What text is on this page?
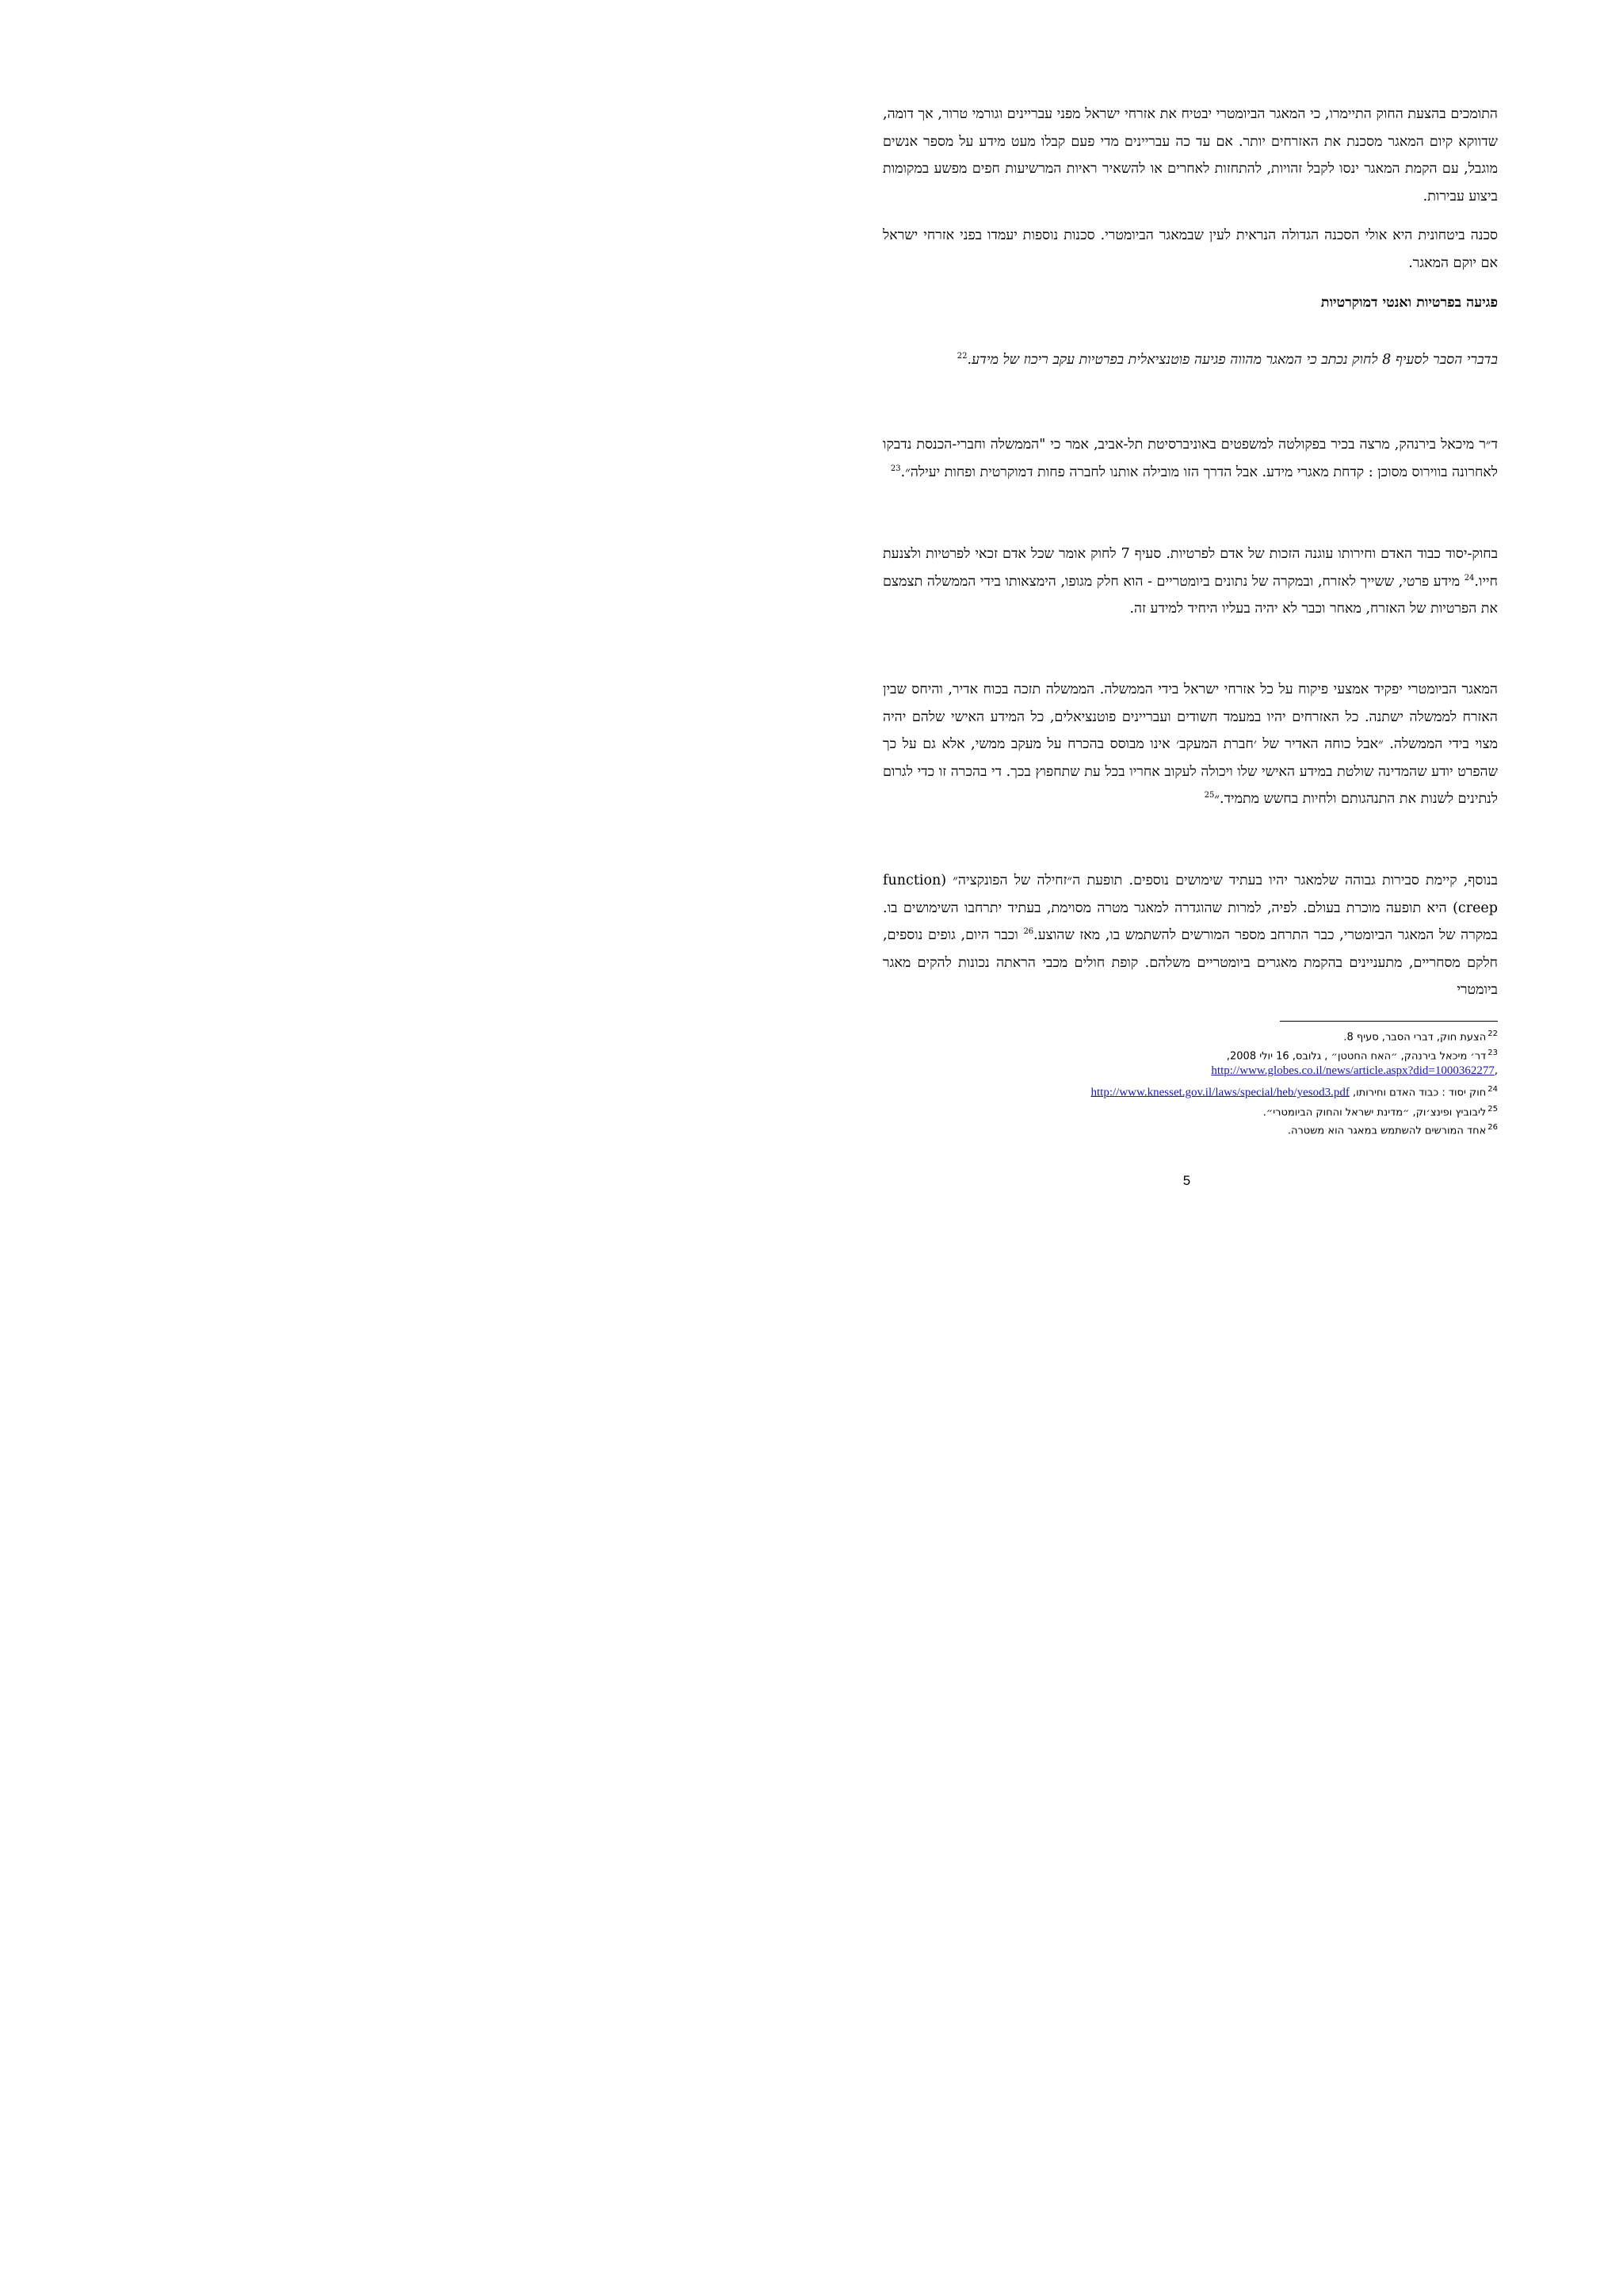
התומכים בהצעת החוק התיימרו, כי המאגר הביומטרי יבטיח את אזרחי ישראל מפני עבריינים וגורמי טרור, אך דומה, שדווקא קיום המאגר מסכנת את האזרחים יותר. אם עד כה עבריינים מדי פעם קבלו מעט מידע על מספר אנשים מוגבל, עם הקמת המאגר ינסו לקבל זהויות, להתחזות לאחרים או להשאיר ראיות המרשיעות חפים מפשע במקומות ביצוע עבירות.

סכנה ביטחונית היא אולי הסכנה הגדולה הנראית לעין שבמאגר הביומטרי. סכנות נוספות יעמדו בפני אזרחי ישראל אם יוקם המאגר.

פגיעה בפרטיות ואנטי דמוקרטיות

בדברי הסבר לסעיף 8 לחוק נכתב כי המאגר מהווה פגיעה פוטנציאלית בפרטיות עקב ריכוז של מידע.$^{22}$

ד״ר מיכאל בירנהק, מרצה בכיר בפקולטה למשפטים באוניברסיטת תל-אביב, אמר כי "הממשלה וחברי-הכנסת נדבקו לאחרונה בווירוס מסוכן : קדחת מאגרי מידע. אבל הדרך הזו מובילה אותנו לחברה פחות דמוקרטית ופחות יעילה״.$^{23}$

בחוק-יסוד כבוד האדם וחירותו עוגנה הזכות של אדם לפרטיות. סעיף 7 לחוק אומר שכל אדם זכאי לפרטיות ולצנעת חייו.$^{24}$ מידע פרטי, ששייך לאזרח, ובמקרה של נתונים ביומטריים - הוא חלק מגופו, הימצאותו בידי הממשלה תצמצם את הפרטיות של האזרח, מאחר וכבר לא יהיה בעליו היחיד למידע זה.

המאגר הביומטרי יפקיד אמצעי פיקוח על כל אזרחי ישראל בידי הממשלה. הממשלה תזכה בכוח אדיר, והיחס שבין האזרח לממשלה ישתנה. כל האזרחים יהיו במעמד חשודים ועבריינים פוטנציאלים, כל המידע האישי שלהם יהיה מצוי בידי הממשלה. ״אבל כוחה האדיר של ׳חברת המעקב׳ אינו מבוסס בהכרח על מעקב ממשי, אלא גם על כך שהפרט יודע שהמדינה שולטת במידע האישי שלו ויכולה לעקוב אחריו בכל עת שתחפוץ בכך. די בהכרה זו כדי לגרום לנתינים לשנות את התנהגותם ולחיות בחשש מתמיד.״$^{25}$

בנוסף, קיימת סבירות גבוהה שלמאגר יהיו בעתיד שימושים נוספים. תופעת ה״זחילה של הפונקציה״ (function creep) היא תופעה מוכרת בעולם. לפיה, למרות שהוגדרה למאגר מטרה מסוימת, בעתיד יתרחבו השימושים בו. במקרה של המאגר הביומטרי, כבר התרחב מספר המורשים להשתמש בו, מאז שהוצע.$^{26}$ וכבר היום, גופים נוספים, חלקם מסחריים, מתעניינים בהקמת מאגרים ביומטריים משלהם. קופת חולים מכבי הראתה נכונות להקים מאגר ביומטרי

$^{22}$הצעת חוק, דברי הסבר, סעיף 8.
$^{23}$דר׳ מיכאל בירנהק, ״האח החטטן״ , גלובס, 16 יולי 2008,
,http://www.globes.co.il/news/article.aspx?did=1000362277
$^{24}$חוק יסוד : כבוד האדם וחירותו, http://www.knesset.gov.il/laws/special/heb/yesod3.pdf
$^{25}$ליבוביץ ופינצ׳וק, ״מדינת ישראל והחוק הביומטרי״.
$^{26}$אחד המורשים להשתמש במאגר הוא משטרה.
5
